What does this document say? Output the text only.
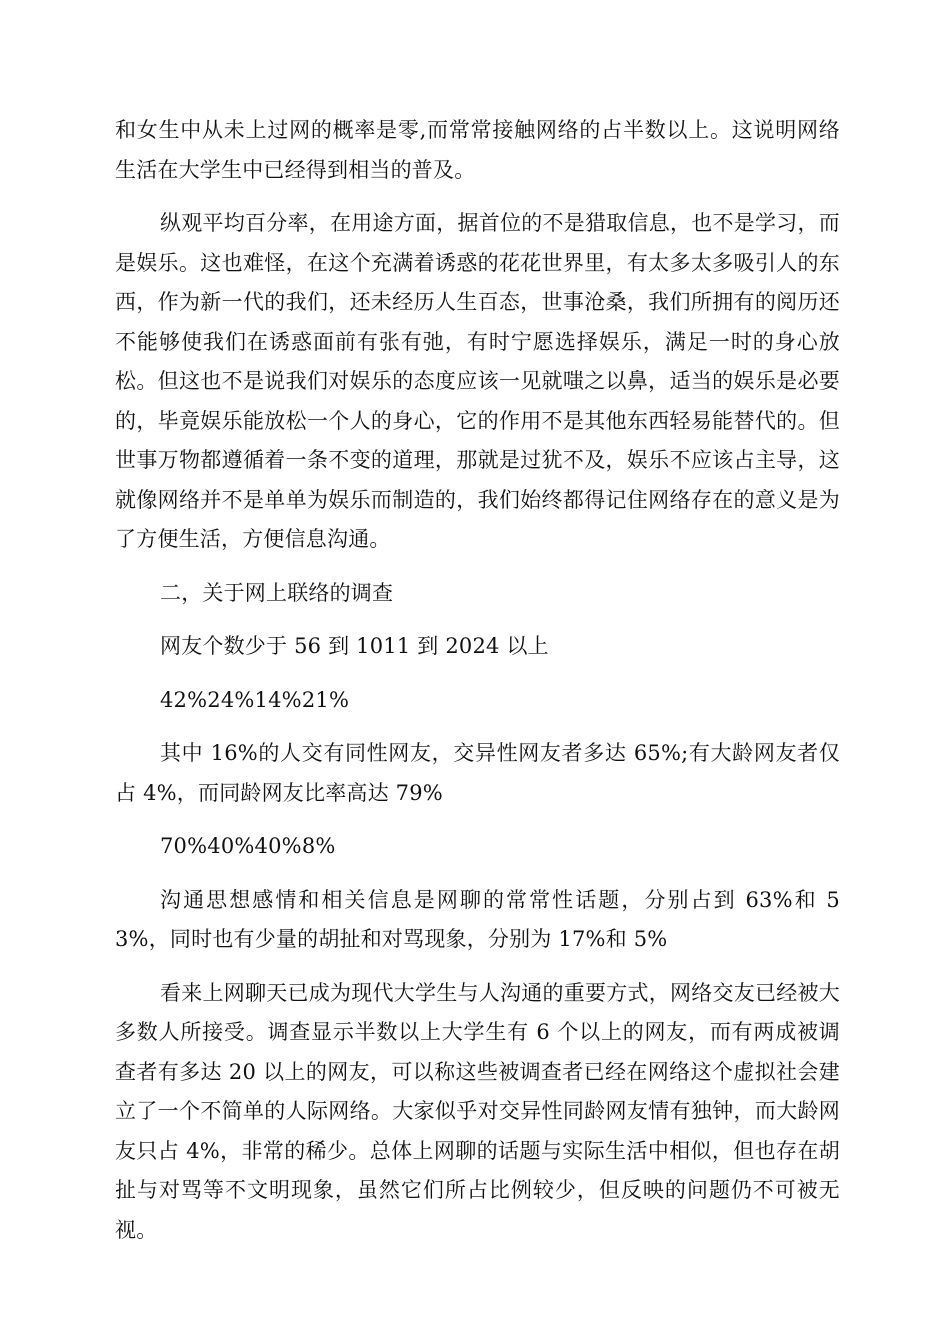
和女生中从未上过网的概率是零,而常常接触网络的占半数以上。这说明网络生活在大学生中已经得到相当的普及。

纵观平均百分率，在用途方面，据首位的不是猎取信息，也不是学习，而是娱乐。这也难怪，在这个充满着诱惑的花花世界里，有太多太多吸引人的东西，作为新一代的我们，还未经历人生百态，世事沧桑，我们所拥有的阅历还不能够使我们在诱惑面前有张有弛，有时宁愿选择娱乐，满足一时的身心放松。但这也不是说我们对娱乐的态度应该一见就嗤之以鼻，适当的娱乐是必要的，毕竟娱乐能放松一个人的身心，它的作用不是其他东西轻易能替代的。但世事万物都遵循着一条不变的道理，那就是过犹不及，娱乐不应该占主导，这就像网络并不是单单为娱乐而制造的，我们始终都得记住网络存在的意义是为了方便生活，方便信息沟通。

二，关于网上联络的调查

网友个数少于 56 到 1011 到 2024 以上

42%24%14%21%

其中 16%的人交有同性网友，交异性网友者多达 65%;有大龄网友者仅占 4%，而同龄网友比率高达 79%

70%40%40%8%

沟通思想感情和相关信息是网聊的常常性话题，分别占到 63%和 53%，同时也有少量的胡扯和对骂现象，分别为 17%和 5%

看来上网聊天已成为现代大学生与人沟通的重要方式，网络交友已经被大多数人所接受。调查显示半数以上大学生有 6 个以上的网友，而有两成被调查者有多达 20 以上的网友，可以称这些被调查者已经在网络这个虚拟社会建立了一个不简单的人际网络。大家似乎对交异性同龄网友情有独钟，而大龄网友只占 4%，非常的稀少。总体上网聊的话题与实际生活中相似，但也存在胡扯与对骂等不文明现象，虽然它们所占比例较少，但反映的问题仍不可被无视。
